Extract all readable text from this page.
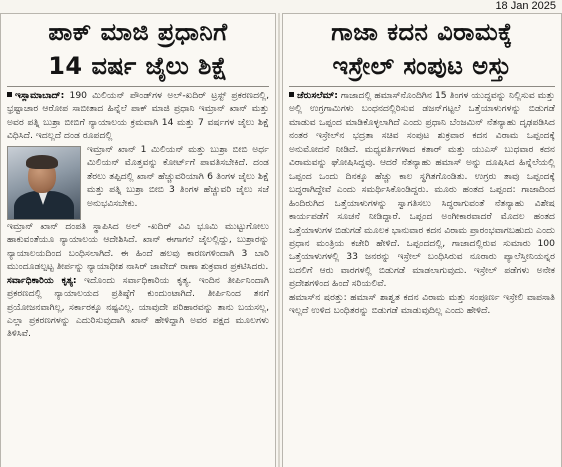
18 Jan 2025
ಪಾಕ್ ಮಾಜಿ ಪ್ರಧಾನಿಗೆ
14 ವರ್ಷ ಜೈಲು ಶಿಕ್ಷೆ

ಇಸ್ಲಾಮಾಬಾದ್: 190 ಮಿಲಿಯನ್ ಪೌಂಡ್‌ಗಳ ಅಲ್-ಖದಿರ್ ಟ್ರಸ್ಟ್ ಪ್ರಕರಣದಲ್ಲಿ, ಭ್ರಷ್ಟಾಚಾರ ಆರೋಪ ಸಾಬೀತಾದ ಹಿನ್ನೆಲೆ ಪಾಕ್ ಮಾಜಿ ಪ್ರಧಾನಿ ಇಮ್ರಾನ್ ಖಾನ್ ಮತ್ತು ಅವರ ಪತ್ನಿ ಬುಶ್ರಾ ಬೀಬಿಗೆ ನ್ಯಾಯಾಲಯ ಕ್ರಮವಾಗಿ 14 ಮತ್ತು 7 ವರ್ಷಗಳ ಜೈಲು ಶಿಕ್ಷೆ ವಿಧಿಸಿದೆ. ಇದಲ್ಲದೆ ದಂಡ ರೂಪದಲ್ಲಿ

ಇಮ್ರಾನ್ ಖಾನ್ 1 ಮಿಲಿಯನ್ ಮತ್ತು ಬುಶ್ರಾ ಬೀಬಿ ಅರ್ಧ ಮಿಲಿಯನ್ ಮೊತ್ತವನ್ನು ಕೋರ್ಟ್‌ಗೆ ಪಾವತಿಸಬೇಕಿದೆ. ದಂಡ ತೆರಲು ತಪ್ಪಿದಲ್ಲಿ ಖಾನ್ ಹೆಚ್ಚುವರಿಯಾಗಿ 6 ತಿಂಗಳ ಜೈಲು ಶಿಕ್ಷೆ ಮತ್ತು ಪತ್ನಿ ಬುಶ್ರಾ ಬೀಬಿ 3 ತಿಂಗಳ ಹೆಚ್ಚುವರಿ ಜೈಲು ಸಜೆ ಅನುಭವಿಸಬೇಕು.

ಇಮ್ರಾನ್ ಖಾನ್ ದಂಪತಿ ಸ್ಥಾಪಿಸಿದ ಅಲ್ -ಖದಿರ್ ವಿವಿ ಭೂಮಿ ಮುಟ್ಟುಗೋಲು ಹಾಕುವಂತೆಯೂ ನ್ಯಾಯಾಲಯ ಆದೇಶಿಸಿದೆ. ಖಾನ್ ಈಗಾಗಲೆ ಜೈಲಲ್ಲಿದ್ದು, ಬುಶ್ರಾರನ್ನು ನ್ಯಾಯಾಲಯದಿಂದ ಬಂಧಿಸಲಾಗಿದೆ. ಈ ಹಿಂದೆ ಹಲವು ಕಾರಣಗಳಿಂದಾಗಿ 3 ಬಾರಿ ಮುಂದೂಡಲ್ಪಟ್ಟ ತೀರ್ಪನ್ನು ನ್ಯಾಯಾಧೀಶ ನಾಸಿರ್ ಜಾವೇದ್ ರಾಣಾ ಶುಕ್ರವಾರ ಪ್ರಕಟಿಸಿದರು.

ಸರ್ವಾಧಿಕಾರಿಯ ಕೃತ್ಯ: ಇದೊಂದು ಸರ್ವಾಧಿಕಾರಿಯ ಕೃತ್ಯ. ಇಂದಿನ ತೀರ್ಪಿನಿಂದಾಗಿ ಪ್ರಕರಣದಲ್ಲಿ ನ್ಯಾಯಾಲಯದ ಪ್ರತಿಷ್ಠೆಗೆ ಕುಂದುಂಟಾಗಿದೆ. ತೀರ್ಪಿನಿಂದ ತನಗೆ ಪ್ರಯೋಜನವಾಗಿಲ್ಲ, ಸರ್ಕಾರಕ್ಕೂ ನಷ್ಟವಿಲ್ಲ. ಯಾವುದೇ ಪರಿಹಾರವನ್ನು ತಾನು ಬಯಸಲ್ಲ, ಎಲ್ಲಾ ಪ್ರಕರಣಗಳನ್ನು ಎದುರಿಸುವುದಾಗಿ ಖಾನ್ ಹೇಳಿದ್ದಾಗಿ ಅವರ ಪಕ್ಷದ ಮೂಲಗಳು ತಿಳಿಸಿವೆ.

ಗಾಜಾ ಕದನ ವಿರಾಮಕ್ಕೆ
ಇಸ್ರೇಲ್ ಸಂಪುಟ ಅಸ್ತು

ಜೆರುಸಲೆಮ್: ಗಾಜಾದಲ್ಲಿ ಹಮಾಸ್‌ನೊಂದಿಗಿನ 15 ತಿಂಗಳ ಯುದ್ಧವನ್ನು ನಿಲ್ಲಿಸುವ ಮತ್ತು ಅಲ್ಲಿ ಉಗ್ರಗಾಮಿಗಳು ಬಂಧನದಲ್ಲಿರಿಸುವ ಡಜನ್‌ಗಟ್ಟಲೆ ಒತ್ತೆಯಾಳುಗಳನ್ನು ಬಿಡುಗಡೆ ಮಾಡುವ ಒಪ್ಪಂದ ಮಾಡಿಕೊಳ್ಳಲಾಗಿದೆ ಎಂದು ಪ್ರಧಾನಿ ಬೆಂಜಮಿನ್ ನೆತನ್ಯಾಹು ದೃಢಪಡಿಸಿದ ನಂತರ ಇಸ್ರೇಲ್‌ನ ಭದ್ರತಾ ಸಚಿವ ಸಂಪುಟ ಶುಕ್ರವಾರ ಕದನ ವಿರಾಮ ಒಪ್ಪಂದಕ್ಕೆ ಅನುಮೋದನೆ ನೀಡಿದೆ. ಮಧ್ಯವರ್ತಿಗಳಾದ ಕತಾರ್ ಮತ್ತು ಯುಎಸ್ ಬುಧವಾರ ಕದನ ವಿರಾಮವನ್ನು ಘೋಷಿಸಿದ್ದವು. ಆದರೆ ನೆತನ್ಯಾಹು ಹಮಾಸ್ ಅನ್ನು ದೂಷಿಸಿದ ಹಿನ್ನೆಲೆಯಲ್ಲಿ ಒಪ್ಪಂದ ಒಂದು ದಿನಕ್ಕೂ ಹೆಚ್ಚು ಕಾಲ ಸ್ಥಗಿತಗೊಂಡಿತು. ಉಗ್ರರು ತಾವು ಒಪ್ಪಂದಕ್ಕೆ ಬದ್ಧರಾಗಿದ್ದೇವೆ ಎಂದು ಸಮರ್ಥಿಸಿಕೊಂಡಿದ್ದರು. ಮೂರು ಹಂತದ ಒಪ್ಪಂದ: ಗಾಜಾದಿಂದ ಹಿಂದಿರುಗಿದ ಒತ್ತೆಯಾಳುಗಳನ್ನು ಸ್ವಾಗತಿಸಲು ಸಿದ್ಧರಾಗುವಂತೆ ನೆತನ್ಯಾಹು ವಿಶೇಷ ಕಾರ್ಯಪಡೆಗೆ ಸೂಚನೆ ನೀಡಿದ್ದಾರೆ. ಒಪ್ಪಂದ ಅಂಗೀಕಾರವಾದರೆ ಮೊದಲ ಹಂತದ ಒತ್ತೆಯಾಳುಗಳ ಬಿಡುಗಡೆ ಮೂಲಕ ಭಾನುವಾರ ಕದನ ವಿರಾಮ ಪ್ರಾರಂಭವಾಗಬಹುದು ಎಂದು ಪ್ರಧಾನ ಮಂತ್ರಿಯ ಕಚೇರಿ ಹೇಳಿದೆ. ಒಪ್ಪಂದದಲ್ಲಿ, ಗಾಜಾದಲ್ಲಿರುವ ಸುಮಾರು 100 ಒತ್ತೆಯಾಳುಗಳಲ್ಲಿ 33 ಜನರನ್ನು ಇಸ್ರೇಲ್ ಬಂಧಿಸಿರುವ ನೂರಾರು ಪ್ಯಾಲೆಸ್ತೀನಿಯನ್ನರ ಬದಲಿಗೆ ಆರು ವಾರಗಳಲ್ಲಿ ಬಿಡುಗಡೆ ಮಾಡಲಾಗುವುದು. ಇಸ್ರೇಲ್ ಪಡೆಗಳು ಅನೇಕ ಪ್ರದೇಶಗಳಿಂದ ಹಿಂದೆ ಸರಿಯಲಿವೆ.

ಹಮಾಸ್‌ನ ಷರತ್ತು: ಹಮಾಸ್ ಶಾಶ್ವತ ಕದನ ವಿರಾಮ ಮತ್ತು ಸಂಪೂರ್ಣ ಇಸ್ರೇಲಿ ವಾಪಸಾತಿ ಇಲ್ಲದೆ ಉಳಿದ ಬಂಧಿತರನ್ನು ಬಿಡುಗಡೆ ಮಾಡುವುದಿಲ್ಲ ಎಂದು ಹೇಳಿದೆ.
